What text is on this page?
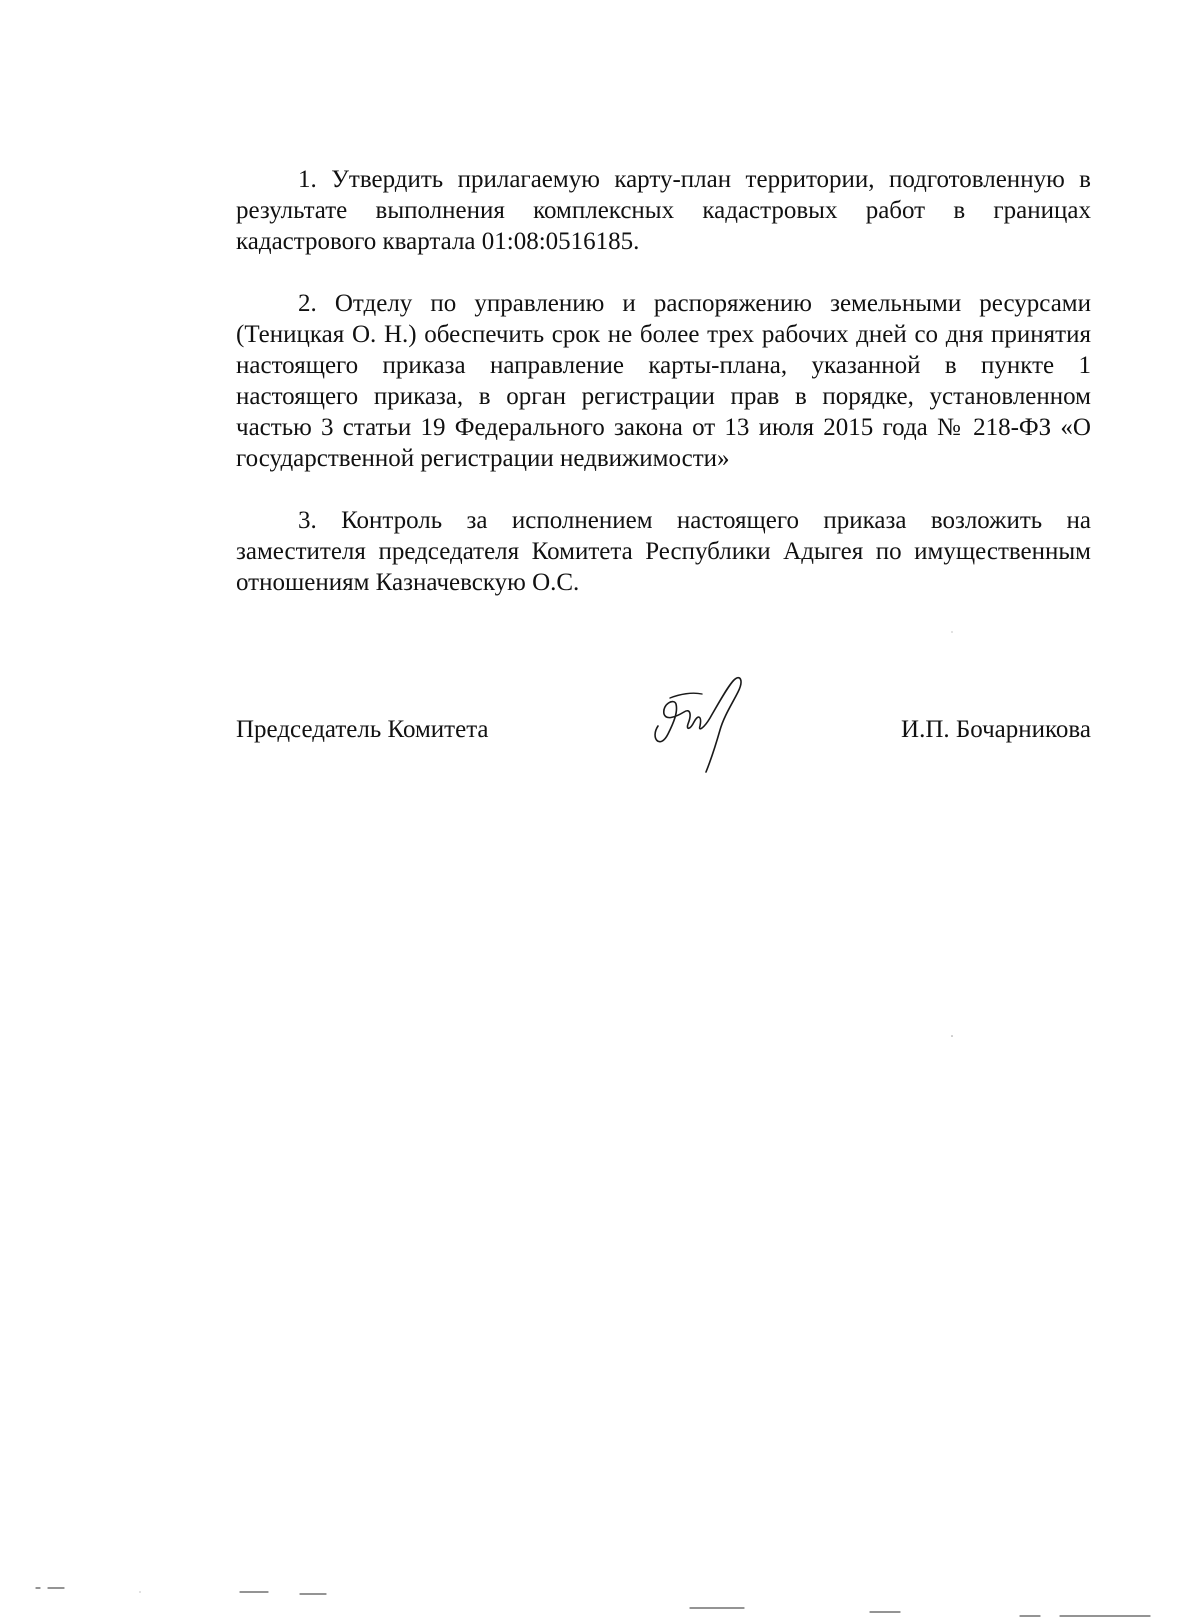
1. Утвердить прилагаемую карту-план территории, подготовленную в результате выполнения комплексных кадастровых работ в границах кадастрового квартала 01:08:0516185.

2. Отделу по управлению и распоряжению земельными ресурсами (Теницкая О. Н.) обеспечить срок не более трех рабочих дней со дня принятия настоящего приказа направление карты-плана, указанной в пункте 1 настоящего приказа, в орган регистрации прав в порядке, установленном частью 3 статьи 19 Федерального закона от 13 июля 2015 года № 218-ФЗ «О государственной регистрации недвижимости»

3. Контроль за исполнением настоящего приказа возложить на заместителя председателя Комитета Республики Адыгея по имущественным отношениям Казначевскую О.С.

Председатель Комитета	И.П. Бочарникова
